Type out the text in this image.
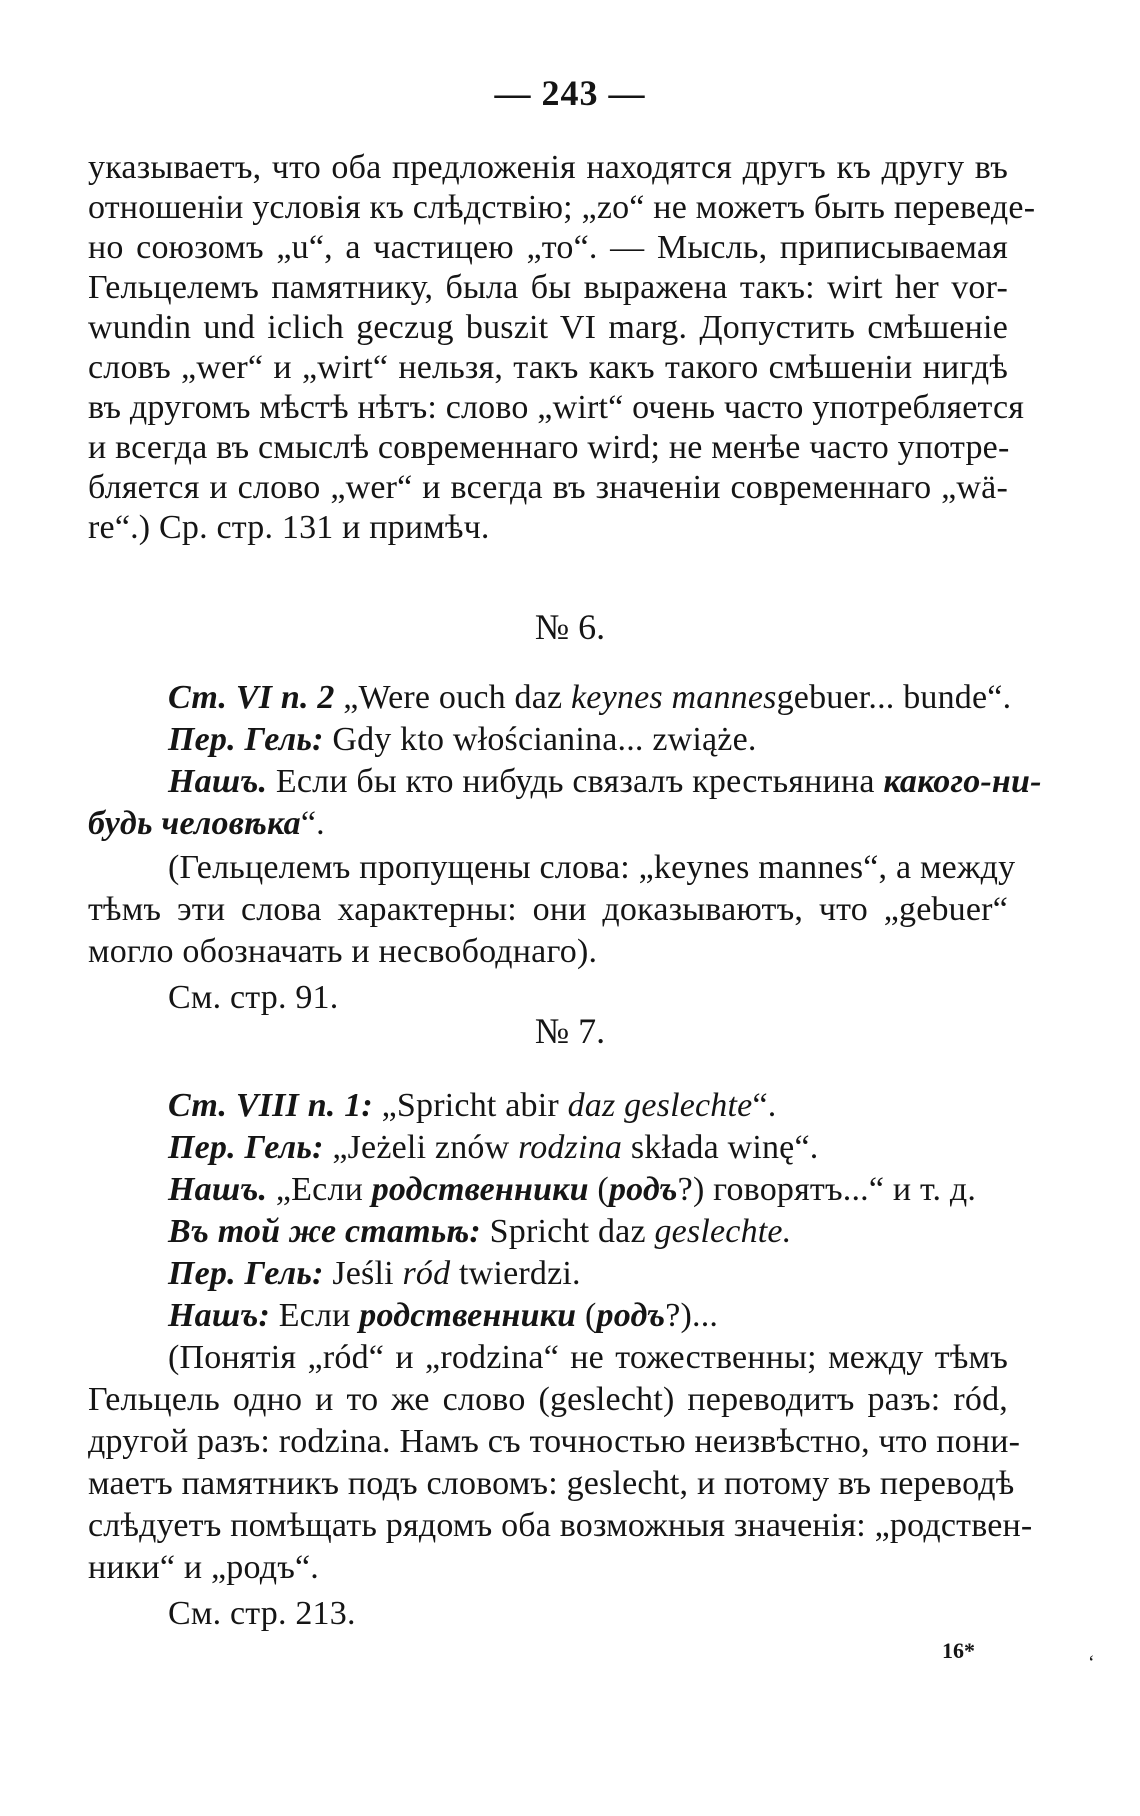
— 243 —
указываетъ, что оба предложенія находятся другъ къ другу въ
отношеніи условія къ слѣдствію; „zo“ не можетъ быть переведе-
но союзомъ „u“, а частицею „то“. — Мысль, приписываемая
Гельцелемъ памятнику, была бы выражена такъ: wirt her vor-
wundin und iclich geczug buszit VI marg. Допустить смѣшеніе
словъ „wer“ и „wirt“ нельзя, такъ какъ такого смѣшеніи нигдѣ
въ другомъ мѣстѣ нѣтъ: слово „wirt“ очень часто употребляется
и всегда въ смыслѣ современнаго wird; не менѣе часто употре-
бляется и слово „wer“ и всегда въ значеніи современнаго „wä-
re“.) Ср. стр. 131 и примѣч.
№ 6.
Ст. VI п. 2 „Were ouch daz keynes mannesgebuer... bunde“.
Пер. Гель: Gdy kto włościanina... zwiąże.
Нашъ. Если бы кто нибудь связалъ крестьянина какого-ни-
будь человѣка“.
(Гельцелемъ пропущены слова: „keynes mannes“, а между
тѣмъ эти слова характерны: они доказываютъ, что „gebuer“
могло обозначать и несвободнаго).
См. стр. 91.
№ 7.
Ст. VIII п. 1: „Spricht abir daz geslechte“.
Пер. Гель: „Jeżeli znów rodzina składa winę“.
Нашъ. „Если родственники (родъ?) говорятъ...“ и т. д.
Въ той же статьѣ: Spricht daz geslechte.
Пер. Гель: Jeśli ród twierdzi.
Нашъ: Если родственники (родъ?)...
(Понятія „ród“ и „rodzina“ не тожественны; между тѣмъ
Гельцель одно и то же слово (geslecht) переводитъ разъ: ród,
другой разъ: rodzina. Намъ съ точностью неизвѣстно, что пони-
маетъ памятникъ подъ словомъ: geslecht, и потому въ переводѣ
слѣдуетъ помѣщать рядомъ оба возможныя значенія: „родствен-
ники“ и „родъ“.
См. стр. 213.
16*	‘
